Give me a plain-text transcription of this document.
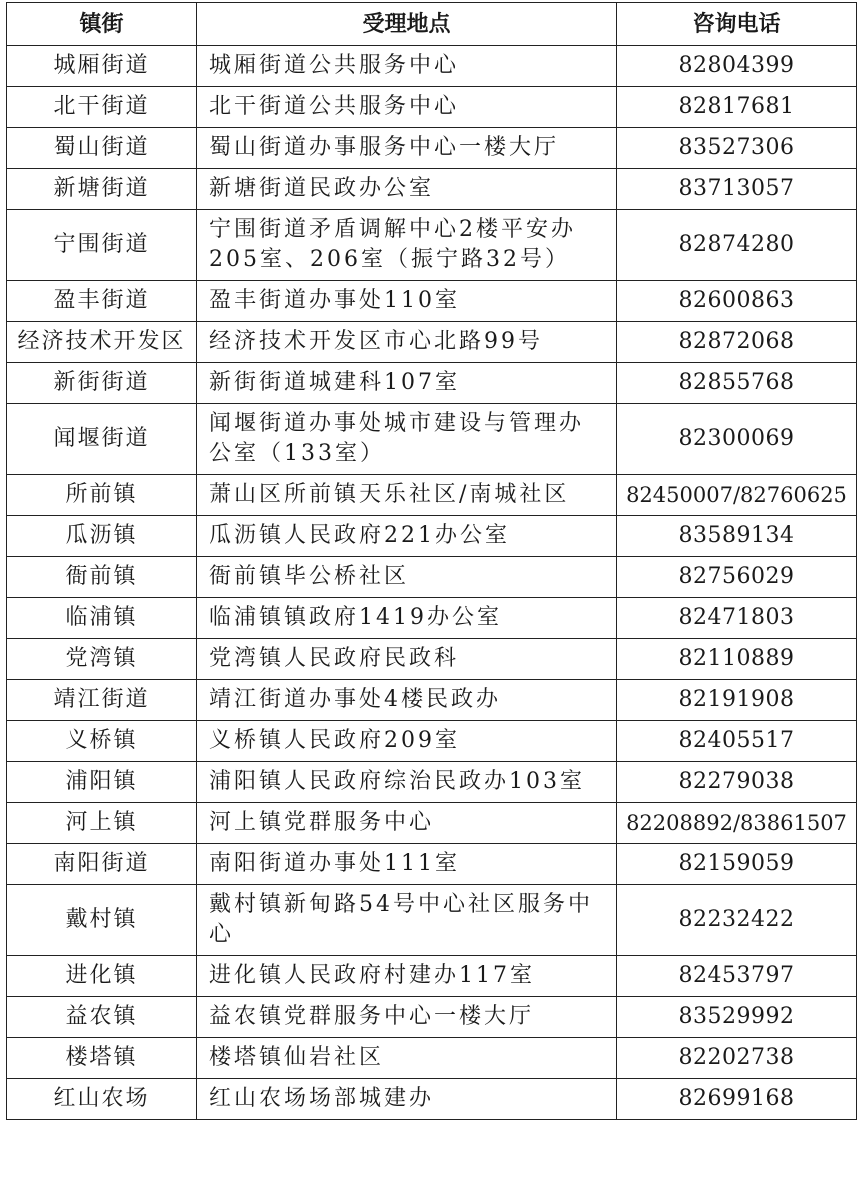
镇街	受理地点	咨询电话
城厢街道	城厢街道公共服务中心	82804399
北干街道	北干街道公共服务中心	82817681
蜀山街道	蜀山街道办事服务中心一楼大厅	83527306
新塘街道	新塘街道民政办公室	83713057
宁围街道	宁围街道矛盾调解中心2楼平安办205室、206室（振宁路32号）	82874280
盈丰街道	盈丰街道办事处110室	82600863
经济技术开发区	经济技术开发区市心北路99号	82872068
新街街道	新街街道城建科107室	82855768
闻堰街道	闻堰街道办事处城市建设与管理办公室（133室）	82300069
所前镇	萧山区所前镇天乐社区/南城社区	82450007/82760625
瓜沥镇	瓜沥镇人民政府221办公室	83589134
衙前镇	衙前镇毕公桥社区	82756029
临浦镇	临浦镇镇政府1419办公室	82471803
党湾镇	党湾镇人民政府民政科	82110889
靖江街道	靖江街道办事处4楼民政办	82191908
义桥镇	义桥镇人民政府209室	82405517
浦阳镇	浦阳镇人民政府综治民政办103室	82279038
河上镇	河上镇党群服务中心	82208892/83861507
南阳街道	南阳街道办事处111室	82159059
戴村镇	戴村镇新甸路54号中心社区服务中心	82232422
进化镇	进化镇人民政府村建办117室	82453797
益农镇	益农镇党群服务中心一楼大厅	83529992
楼塔镇	楼塔镇仙岩社区	82202738
红山农场	红山农场场部城建办	82699168
